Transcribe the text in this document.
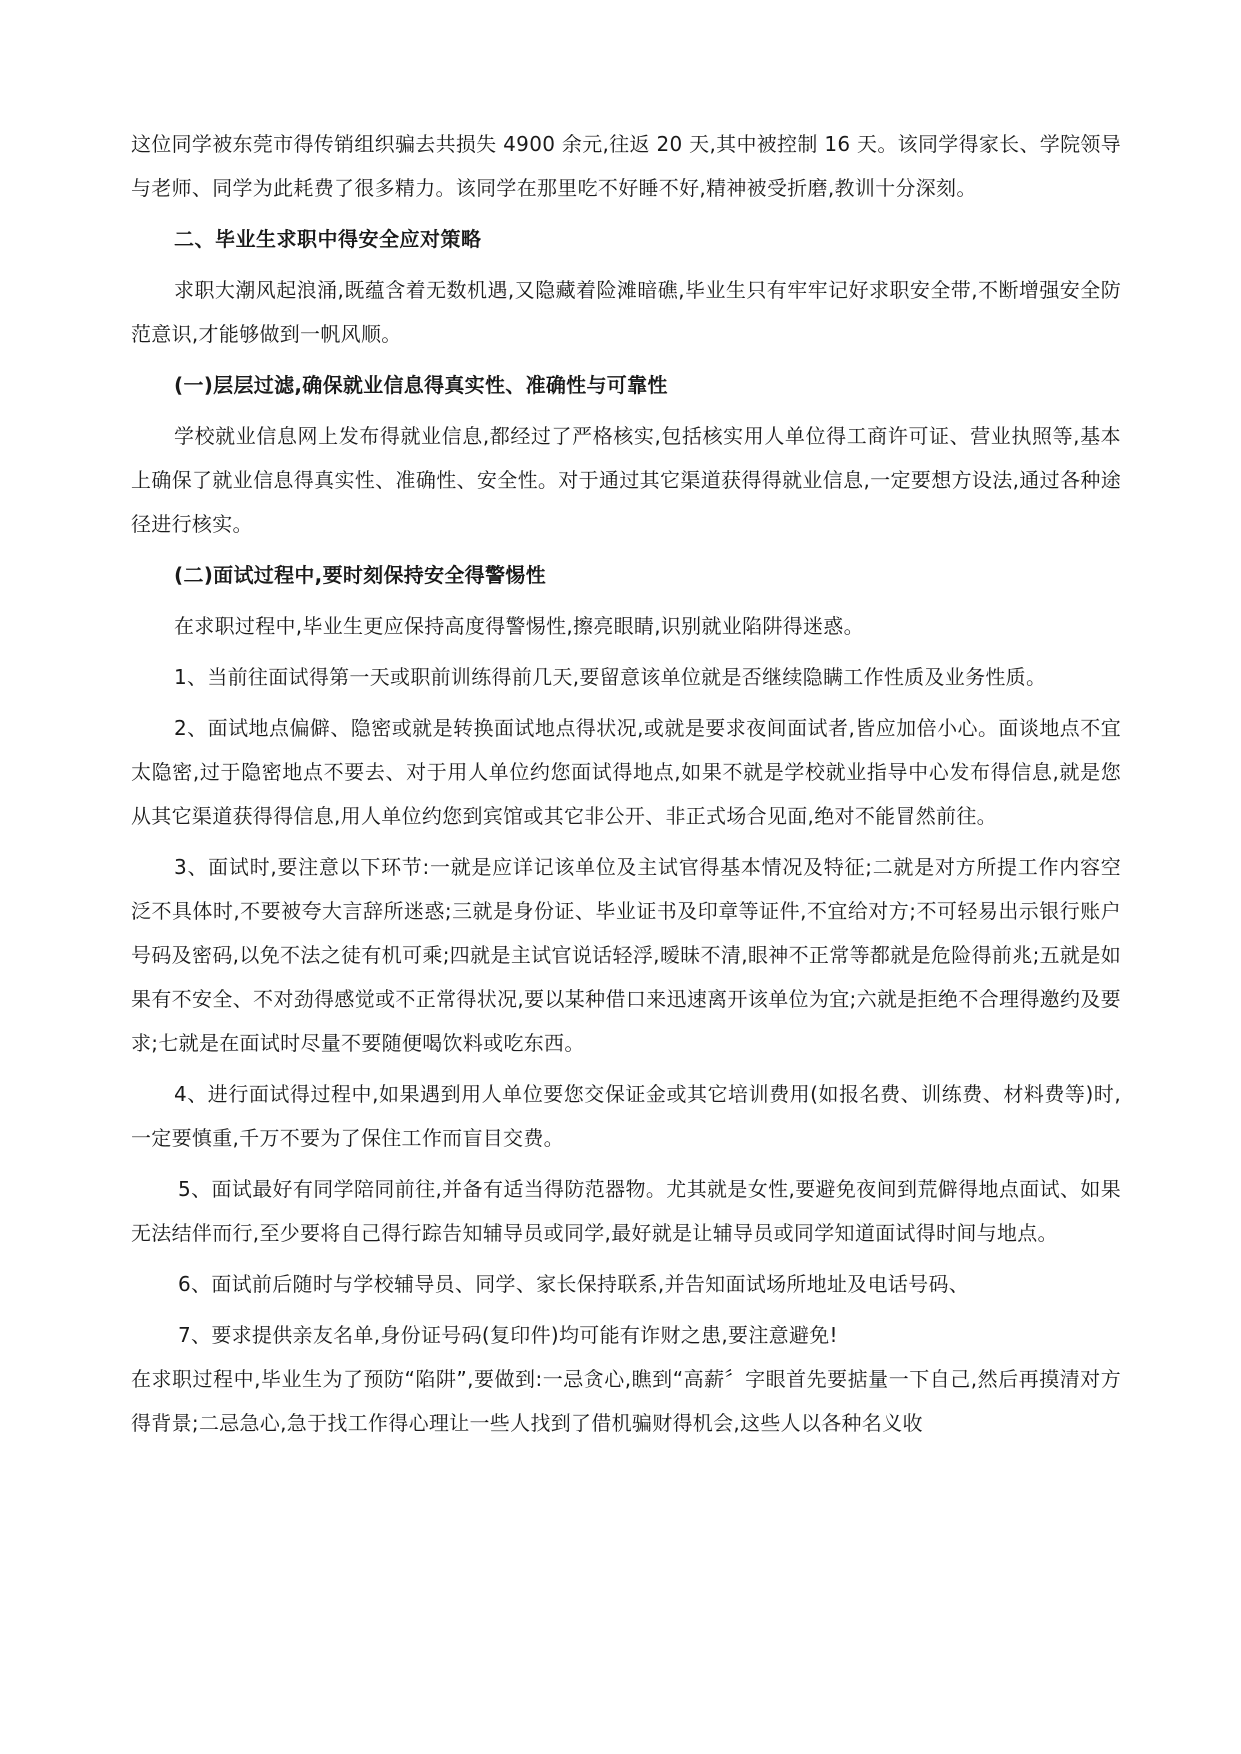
这位同学被东莞市得传销组织骗去共损失 4900 余元,往返 20 天,其中被控制 16 天。该同学得家长、学院领导与老师、同学为此耗费了很多精力。该同学在那里吃不好睡不好,精神被受折磨,教训十分深刻。
二、毕业生求职中得安全应对策略
求职大潮风起浪涌,既蕴含着无数机遇,又隐藏着险滩暗礁,毕业生只有牢牢记好求职安全带,不断增强安全防范意识,才能够做到一帆风顺。
(一)层层过滤,确保就业信息得真实性、准确性与可靠性
学校就业信息网上发布得就业信息,都经过了严格核实,包括核实用人单位得工商许可证、营业执照等,基本上确保了就业信息得真实性、准确性、安全性。对于通过其它渠道获得得就业信息,一定要想方设法,通过各种途径进行核实。
(二)面试过程中,要时刻保持安全得警惕性
在求职过程中,毕业生更应保持高度得警惕性,擦亮眼睛,识别就业陷阱得迷惑。
1、当前往面试得第一天或职前训练得前几天,要留意该单位就是否继续隐瞒工作性质及业务性质。
2、面试地点偏僻、隐密或就是转换面试地点得状况,或就是要求夜间面试者,皆应加倍小心。面谈地点不宜太隐密,过于隐密地点不要去、对于用人单位约您面试得地点,如果不就是学校就业指导中心发布得信息,就是您从其它渠道获得得信息,用人单位约您到宾馆或其它非公开、非正式场合见面,绝对不能冒然前往。
3、面试时,要注意以下环节:一就是应详记该单位及主试官得基本情况及特征;二就是对方所提工作内容空泛不具体时,不要被夸大言辞所迷惑;三就是身份证、毕业证书及印章等证件,不宜给对方;不可轻易出示银行账户号码及密码,以免不法之徒有机可乘;四就是主试官说话轻浮,暧昧不清,眼神不正常等都就是危险得前兆;五就是如果有不安全、不对劲得感觉或不正常得状况,要以某种借口来迅速离开该单位为宜;六就是拒绝不合理得邀约及要求;七就是在面试时尽量不要随便喝饮料或吃东西。
4、进行面试得过程中,如果遇到用人单位要您交保证金或其它培训费用(如报名费、训练费、材料费等)时,一定要慎重,千万不要为了保住工作而盲目交费。
5、面试最好有同学陪同前往,并备有适当得防范器物。尤其就是女性,要避免夜间到荒僻得地点面试、如果无法结伴而行,至少要将自己得行踪告知辅导员或同学,最好就是让辅导员或同学知道面试得时间与地点。
6、面试前后随时与学校辅导员、同学、家长保持联系,并告知面试场所地址及电话号码、
7、要求提供亲友名单,身份证号码(复印件)均可能有诈财之患,要注意避免!
在求职过程中,毕业生为了预防“陷阱”,要做到:一忌贪心,瞧到“高薪〞字眼首先要掂量一下自己,然后再摸清对方得背景;二忌急心,急于找工作得心理让一些人找到了借机骗财得机会,这些人以各种名义收
